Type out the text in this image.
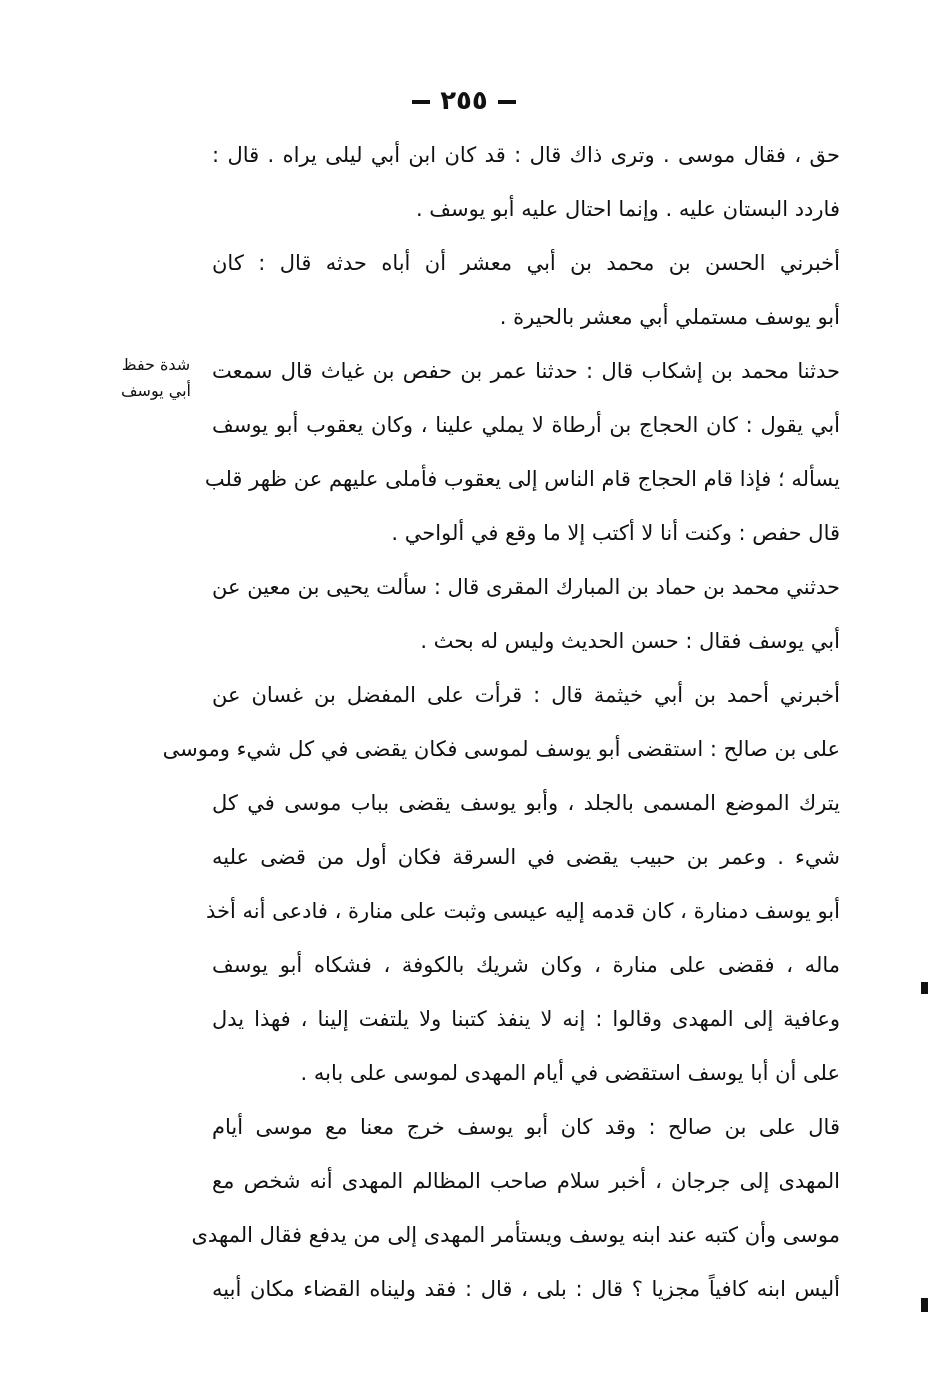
٢٥٥
شدة حفظ
أبي يوسف
حق ، فقال موسى . وترى ذاك قال : قد كان ابن أبي ليلى يراه . قال :
فاردد البستان عليه . وإنما احتال عليه أبو يوسف .
أخبرني الحسن بن محمد بن أبي معشر أن أباه حدثه قال : كان
أبو يوسف مستملي أبي معشر بالحيرة .
حدثنا محمد بن إشكاب قال : حدثنا عمر بن حفص بن غياث قال سمعت
أبي يقول : كان الحجاج بن أرطاة لا يملي علينا ، وكان يعقوب أبو يوسف
يسأله ؛ فإذا قام الحجاج قام الناس إلى يعقوب فأملى عليهم عن ظهر قلب
قال حفص : وكنت أنا لا أكتب إلا ما وقع في ألواحي .
حدثني محمد بن حماد بن المبارك المقرى قال : سألت يحيى بن معين عن
أبي يوسف فقال : حسن الحديث وليس له بحث .
أخبرني أحمد بن أبي خيثمة قال : قرأت على المفضل بن غسان عن
على بن صالح : استقضى أبو يوسف لموسى فكان يقضى في كل شيء وموسى
يترك الموضع المسمى بالجلد ، وأبو يوسف يقضى بباب موسى في كل
شيء . وعمر بن حبيب يقضى في السرقة فكان أول من قضى عليه
أبو يوسف دمنارة ، كان قدمه إليه عيسى وثبت على منارة ، فادعى أنه أخذ
ماله ، فقضى على منارة ، وكان شريك بالكوفة ، فشكاه أبو يوسف
وعافية إلى المهدى وقالوا : إنه لا ينفذ كتبنا ولا يلتفت إلينا ، فهذا يدل
على أن أبا يوسف استقضى في أيام المهدى لموسى على بابه .
قال على بن صالح : وقد كان أبو يوسف خرج معنا مع موسى أيام
المهدى إلى جرجان ، أخبر سلام صاحب المظالم المهدى أنه شخص مع
موسى وأن كتبه عند ابنه يوسف ويستأمر المهدى إلى من يدفع فقال المهدى
أليس ابنه كافياً مجزيا ؟ قال : بلى ، قال : فقد وليناه القضاء مكان أبيه
